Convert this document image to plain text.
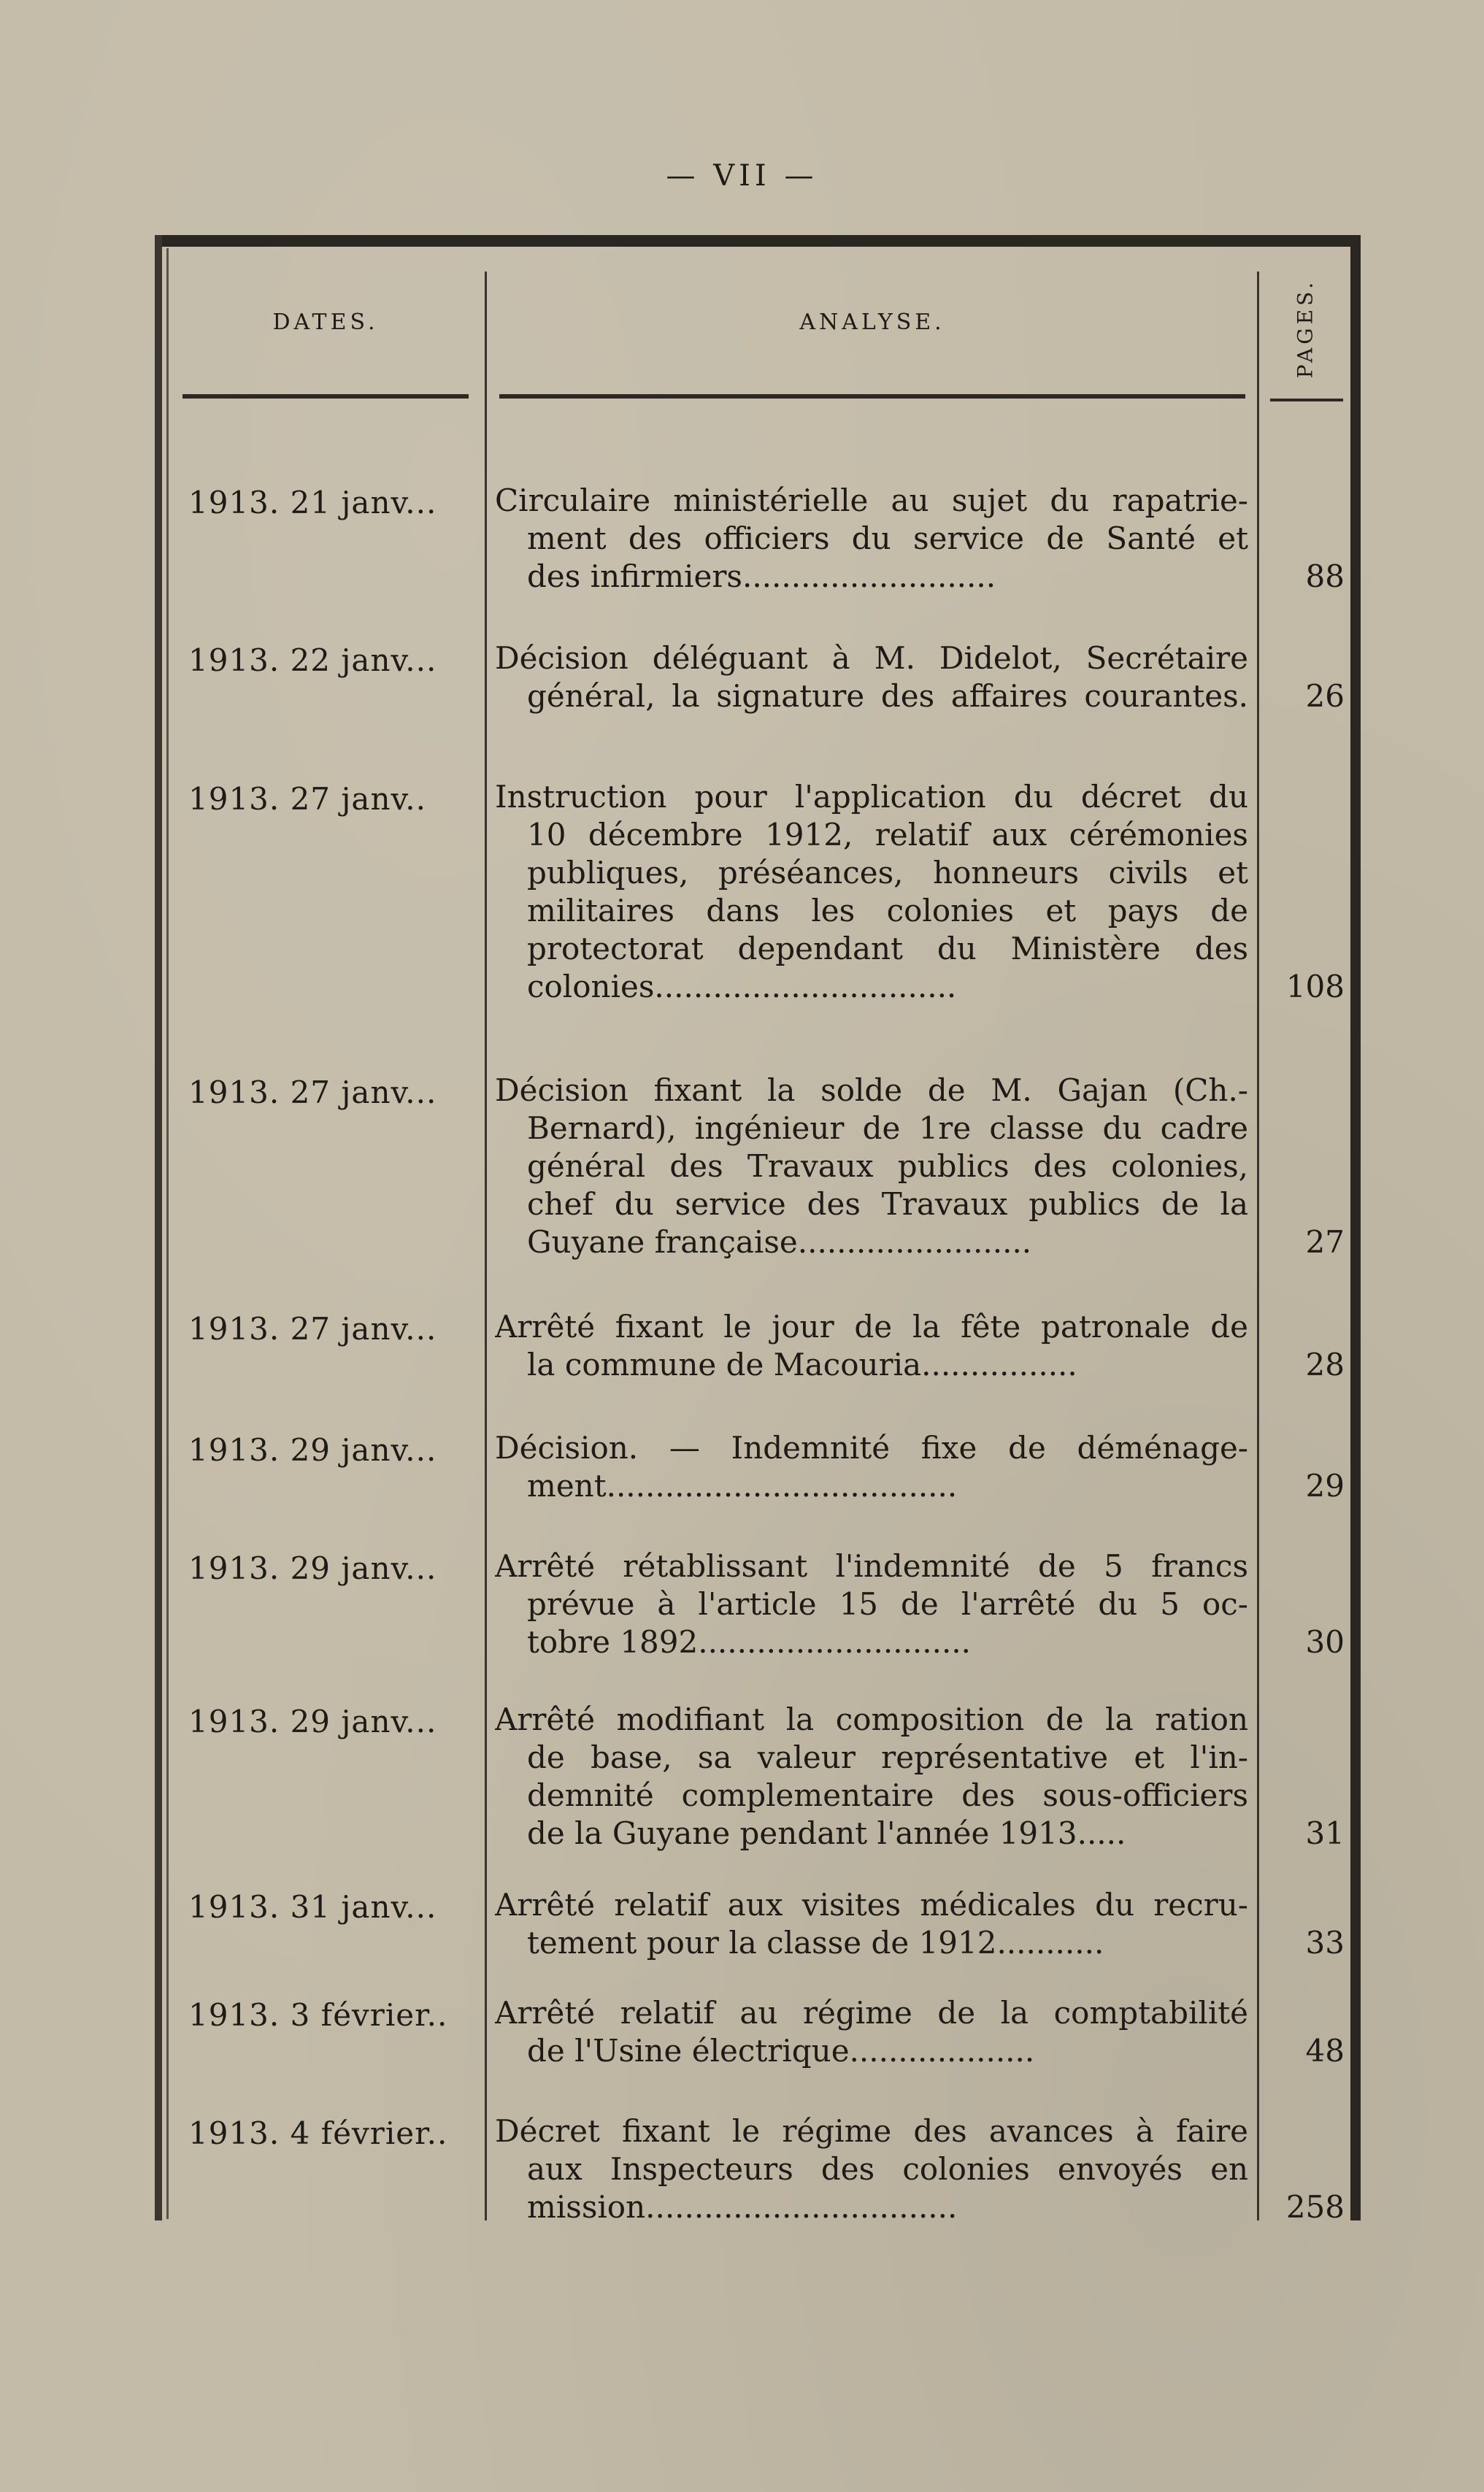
— VII —
DATES.	ANALYSE.	PAGES.
1913. 21 janv...	Circulaire ministérielle au sujet du rapatrie-
ment des officiers du service de Santé et
des infirmiers..........................	88
1913. 22 janv...	Décision déléguant à M. Didelot, Secrétaire
général, la signature des affaires courantes.	26
1913. 27 janv..	Instruction pour l'application du décret du
10 décembre 1912, relatif aux cérémonies
publiques, préséances, honneurs civils et
militaires dans les colonies et pays de
protectorat dependant du Ministère des
colonies...............................	108
1913. 27 janv...	Décision fixant la solde de M. Gajan (Ch.-
Bernard), ingénieur de 1re classe du cadre
général des Travaux publics des colonies,
chef du service des Travaux publics de la
Guyane française........................	27
1913. 27 janv...	Arrêté fixant le jour de la fête patronale de
la commune de Macouria................	28
1913. 29 janv...	Décision. — Indemnité fixe de déménage-
ment....................................	29
1913. 29 janv...	Arrêté rétablissant l'indemnité de 5 francs
prévue à l'article 15 de l'arrêté du 5 oc-
tobre 1892............................	30
1913. 29 janv...	Arrêté modifiant la composition de la ration
de base, sa valeur représentative et l'in-
demnité complementaire des sous-officiers
de la Guyane pendant l'année 1913.....	31
1913. 31 janv...	Arrêté relatif aux visites médicales du recru-
tement pour la classe de 1912...........	33
1913. 3 février..	Arrêté relatif au régime de la comptabilité
de l'Usine électrique...................	48
1913. 4 février..	Décret fixant le régime des avances à faire
aux Inspecteurs des colonies envoyés en
mission................................	258
